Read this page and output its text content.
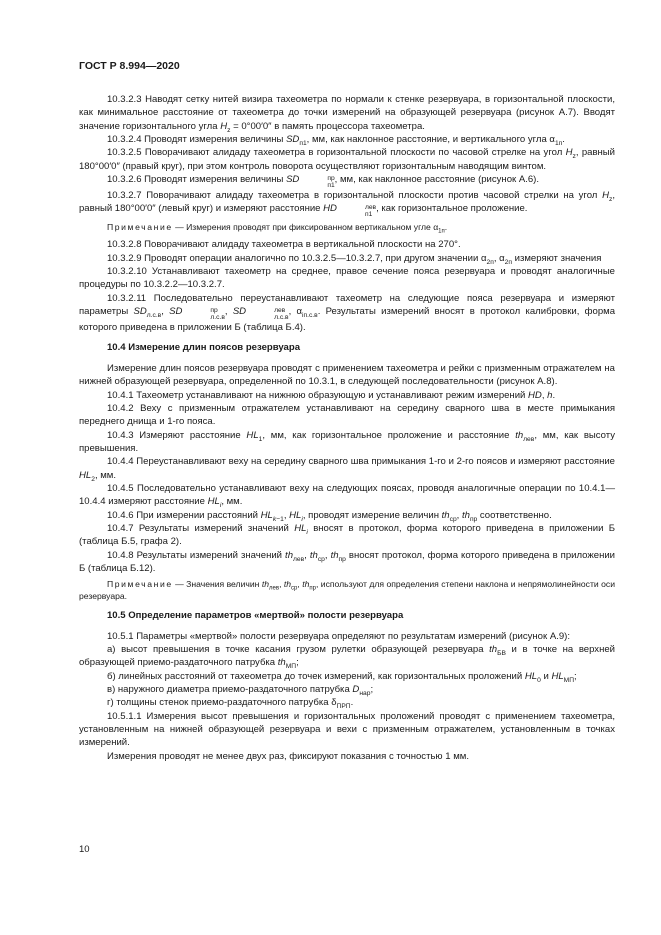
ГОСТ Р 8.994—2020

10.3.2.3 Наводят сетку нитей визира тахеометра по нормали к стенке резервуара, в горизонтальной плоскости, как минимальное расстояние от тахеометра до точки измерений на образующей резервуара (рисунок А.7). Вводят значение горизонтального угла $H_z = 0^\circ 00'0''$ в память процессора тахеометра.

10.3.2.4 Проводят измерения величины $SD_{п1}$, мм, как наклонное расстояние, и вертикального угла $\alpha_{1п}$.

10.3.2.5 Поворачивают алидаду тахеометра в горизонтальной плоскости по часовой стрелке на угол $H_z$, равный 180°00′0″ (правый круг), при этом контроль поворота осуществляют горизонтальным наводящим винтом.

10.3.2.6 Проводят измерения величины SD	пр
п1
, мм, как наклонное расстояние (рисунок А.6).

10.3.2.7 Поворачивают алидаду тахеометра в горизонтальной плоскости против часовой стрелки на угол $H_z$, равный 180°00′0″ (левый круг) и измеряют расстояние HD	лев
п1
, как горизонтальное проложение.

Примечание — Измерения проводят при фиксированном вертикальном угле $\alpha_{1п}$.

10.3.2.8 Поворачивают алидаду тахеометра в вертикальной плоскости на 270°.

10.3.2.9 Проводят операции аналогично по 10.3.2.5—10.3.2.7, при другом значении $\alpha_{2п}$, $\alpha_{2п}$ измеряют значения

10.3.2.10 Устанавливают тахеометр на среднее, правое сечение пояса резервуара и проводят аналогичные процедуры по 10.3.2.2—10.3.2.7.

10.3.2.11 Последовательно переустанавливают тахеометр на следующие пояса резервуара и измеряют параметры $SD_{л.с.в}$, SD	пр
л.с.в
, SD	лев
л.с.в
, $\alpha_{iп.с.в}$. Результаты измерений вносят в протокол калибровки, форма которого приведена в приложении Б (таблица Б.4).

10.4 Измерение длин поясов резервуара

Измерение длин поясов резервуара проводят с применением тахеометра и рейки с призменным отражателем на нижней образующей резервуара, определенной по 10.3.1, в следующей последовательности (рисунок А.8).

10.4.1 Тахеометр устанавливают на нижнюю образующую и устанавливают режим измерений HD, h.

10.4.2 Веху с призменным отражателем устанавливают на середину сварного шва в месте примыкания переднего днища и 1-го пояса.

10.4.3 Измеряют расстояние $HL_1$, мм, как горизонтальное проложение и расстояние $th_{лев}$, мм, как высоту превышения.

10.4.4 Переустанавливают веху на середину сварного шва примыкания 1-го и 2-го поясов и измеряют расстояние $HL_2$, мм.

10.4.5 Последовательно устанавливают веху на следующих поясах, проводя аналогичные операции по 10.4.1—10.4.4 измеряют расстояние $HL_i$, мм.

10.4.6 При измерении расстояний $HL_{k-1}$, $HL_i$, проводят измерение величин $th_{ср}$, $th_{пр}$ соответственно.

10.4.7 Результаты измерений значений $HL_i$ вносят в протокол, форма которого приведена в приложении Б (таблица Б.5, графа 2).

10.4.8 Результаты измерений значений $th_{лев}$, $th_{ср}$, $th_{пр}$ вносят протокол, форма которого приведена в приложении Б (таблица Б.12).

Примечание — Значения величин $th_{лев}$, $th_{ср}$, $th_{пр}$, используют для определения степени наклона и непрямолинейности оси резервуара.

10.5 Определение параметров «мертвой» полости резервуара

10.5.1 Параметры «мертвой» полости резервуара определяют по результатам измерений (рисунок А.9):

а) высот превышения в точке касания грузом рулетки образующей резервуара $th_{БВ}$ и в точке на верхней образующей приемо-раздаточного патрубка $th_{МП}$;

б) линейных расстояний от тахеометра до точек измерений, как горизонтальных проложений $HL_0$ и $HL_{МП}$;

в) наружного диаметра приемо-раздаточного патрубка $D_{нар}$;

г) толщины стенок приемо-раздаточного патрубка $\delta_{ПРП}$.

10.5.1.1 Измерения высот превышения и горизонтальных проложений проводят с применением тахеометра, установленным на нижней образующей резервуара и вехи с призменным отражателем, установленным в точках измерений.

Измерения проводят не менее двух раз, фиксируют показания с точностью 1 мм.

10
